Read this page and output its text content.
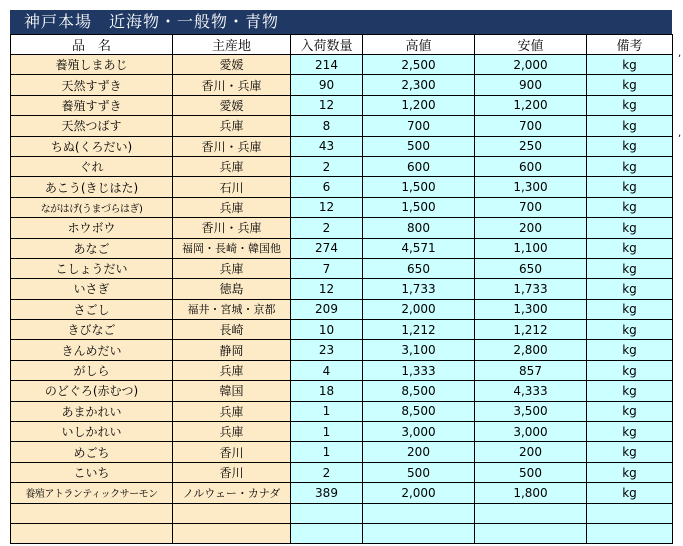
神戸本場　近海物・一般物・青物
品　名	主産地	入荷数量	高値	安値	備考
養殖しまあじ	愛媛	214	2,500	2,000	kg
天然すずき	香川・兵庫	90	2,300	900	kg
養殖すずき	愛媛	12	1,200	1,200	kg
天然つばす	兵庫	8	700	700	kg
ちぬ(くろだい)	香川・兵庫	43	500	250	kg
ぐれ	兵庫	2	600	600	kg
あこう(きじはた)	石川	6	1,500	1,300	kg
ながはげ(うまづらはぎ)	兵庫	12	1,500	700	kg
ホウボウ	香川・兵庫	2	800	200	kg
あなご	福岡・長崎・韓国他	274	4,571	1,100	kg
こしょうだい	兵庫	7	650	650	kg
いさぎ	徳島	12	1,733	1,733	kg
さごし	福井・宮城・京都	209	2,000	1,300	kg
きびなご	長崎	10	1,212	1,212	kg
きんめだい	静岡	23	3,100	2,800	kg
がしら	兵庫	4	1,333	857	kg
のどぐろ(赤むつ)	韓国	18	8,500	4,333	kg
あまかれい	兵庫	1	8,500	3,500	kg
いしかれい	兵庫	1	3,000	3,000	kg
めごち	香川	1	200	200	kg
こいち	香川	2	500	500	kg
養殖アトランティックサーモン	ノルウェー・カナダ	389	2,000	1,800	kg

,
,
